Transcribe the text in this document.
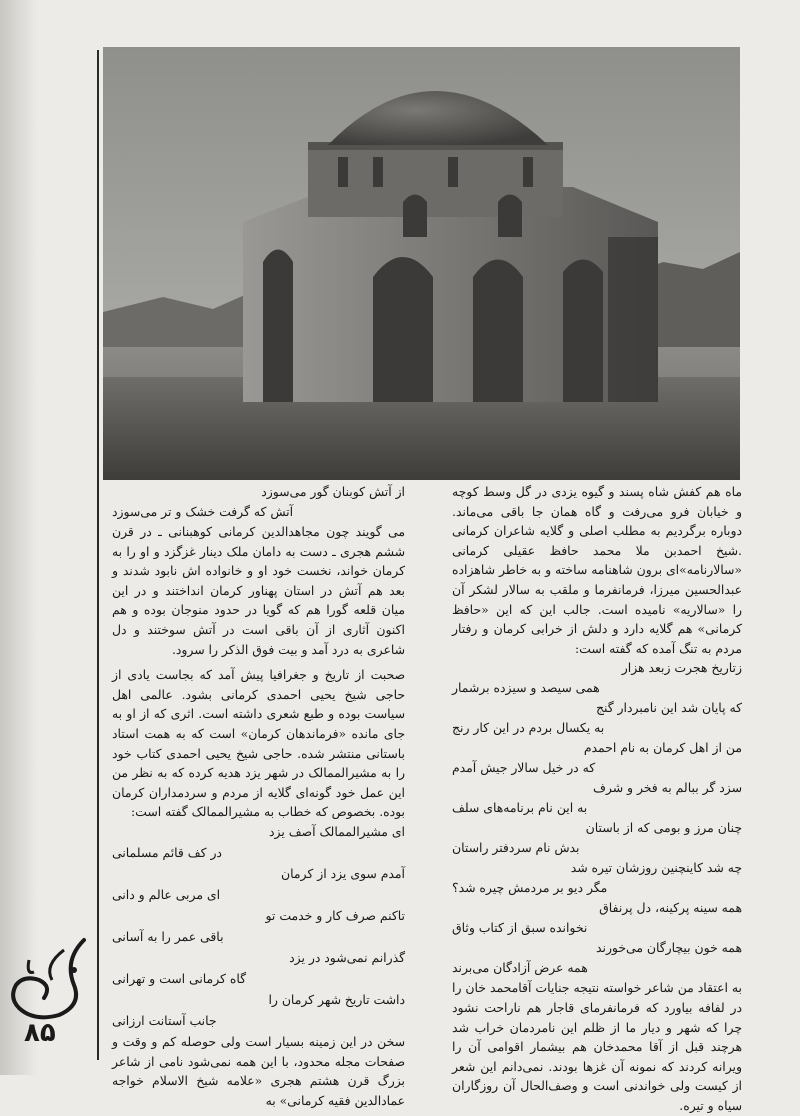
ماه هم کفش شاه پسند و گیوه یزدی در گل وسط کوچه و خیابان فرو می‌رفت و گاه همان جا باقی می‌ماند. دوباره برگردیم به مطلب اصلی و گلایه شاعران کرمانی .شیخ احمدبن ملا محمد حافظ عقیلی کرمانی «سالارنامه»ای برون شاهنامه ساخته و به خاطر شاهزاده عبدالحسین میرزا، فرمانفرما و ملقب به سالار لشکر آن را «سالاریه» نامیده است. جالب این که این «حافظ کرمانی» هم گلایه دارد و دلش از خرابی کرمان و رفتار مردم به تنگ آمده که گفته است:

زتاریخ هجرت زبعد هزار
همی سیصد و سیزده برشمار
که پایان شد این نامبردار گنج
به یکسال بردم در این کار رنج
من از اهل کرمان به نام احمدم
که در خیل سالار جیش آمدم
سزد گر ببالم به فخر و شرف
به این نام برنامه‌های سلف
چنان مرز و بومی که از باستان
بدش نام سردفتر راستان
چه شد کاینچنین روزشان تیره شد
مگر دیو بر مردمش چیره شد؟
همه سینه پرکینه، دل پرنفاق
نخوانده سبق از کتاب وثاق
همه خون بیچارگان می‌خورند
همه عرض آزادگان می‌برند

به اعتقاد من شاعر خواسته نتیجه جنایات آقامحمد خان را در لفافه بیاورد که فرمانفرمای قاجار هم ناراحت نشود چرا که شهر و دیار ما از ظلم این نامردمان خراب شد هرچند قبل از آقا محمدخان هم بیشمار اقوامی آن را ویرانه کردند که نمونه آن غزها بودند. نمی‌دانم این شعر از کیست ولی خواندنی است و وصف‌الحال آن روزگاران سیاه و تیره.

از آتش کوبنان گور می‌سوزد
آتش که گرفت خشک و تر می‌سوزد

می گویند چون مجاهدالدین کرمانی کوهبنانی ـ در قرن ششم هجری ـ دست به دامان ملک دینار غزگزد و او را به کرمان خواند، نخست خود او و خانواده اش نابود شدند و بعد هم آتش در استان پهناور کرمان انداختند و در این میان قلعه گورا هم که گویا در حدود منوجان بوده و هم اکنون آثاری از آن باقی است در آتش سوختند و دل شاعری به درد آمد و بیت فوق الذکر را سرود.

صحبت از تاریخ و جغرافیا پیش آمد که بجاست یادی از حاجی شیخ یحیی احمدی کرمانی بشود. عالمی اهل سیاست بوده و طبع شعری داشته است. اثری که از او به جای مانده «فرماندهان کرمان» است که به همت استاد باستانی منتشر شده. حاجی شیخ یحیی احمدی کتاب خود را به مشیرالممالک در شهر یزد هدیه کرده که به نظر من این عمل خود گونه‌ای گلایه از مردم و سردمداران کرمان بوده. بخصوص که خطاب به مشیرالممالک گفته است:

ای مشیرالممالک آصف یزد
در کف قائم مسلمانی
آمدم سوی یزد از کرمان
ای مربی عالم و دانی
تاکنم صرف کار و خدمت تو
باقی عمر را به آسانی
گذرانم نمی‌شود در یزد
گاه کرمانی است و تهرانی
داشت تاریخ شهر کرمان را
جانب آستانت ارزانی

سخن در این زمینه بسیار است ولی حوصله کم و وقت و صفحات مجله محدود، با این همه نمی‌شود نامی از شاعر بزرگ قرن هشتم هجری «علامه شیخ الاسلام خواجه عمادالدین فقیه کرمانی» به

۸۵
